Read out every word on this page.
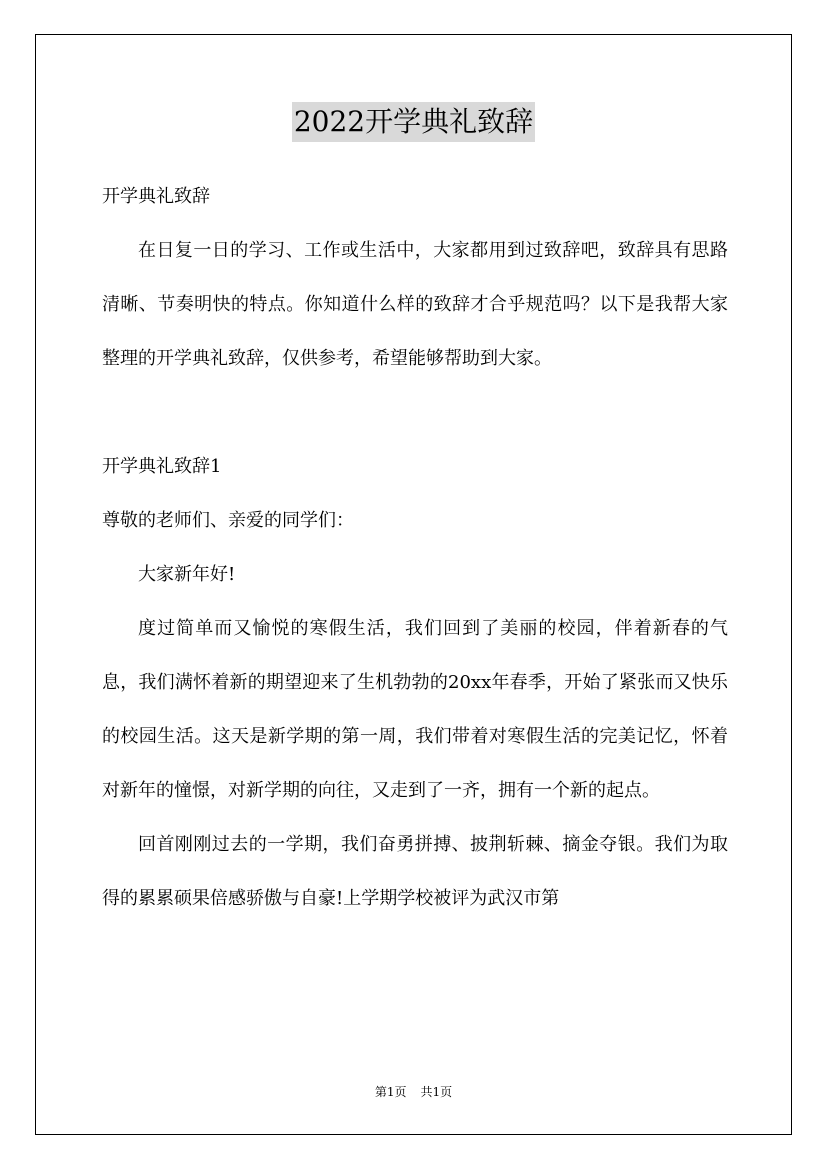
2022开学典礼致辞

开学典礼致辞

在日复一日的学习、工作或生活中，大家都用到过致辞吧，致辞具有思路清晰、节奏明快的特点。你知道什么样的致辞才合乎规范吗？以下是我帮大家整理的开学典礼致辞，仅供参考，希望能够帮助到大家。

开学典礼致辞1

尊敬的老师们、亲爱的同学们：

大家新年好!

度过简单而又愉悦的寒假生活，我们回到了美丽的校园，伴着新春的气息，我们满怀着新的期望迎来了生机勃勃的20xx年春季，开始了紧张而又快乐的校园生活。这天是新学期的第一周，我们带着对寒假生活的完美记忆，怀着对新年的憧憬，对新学期的向往，又走到了一齐，拥有一个新的起点。

回首刚刚过去的一学期，我们奋勇拼搏、披荆斩棘、摘金夺银。我们为取得的累累硕果倍感骄傲与自豪!上学期学校被评为武汉市第

第1页 共1页
